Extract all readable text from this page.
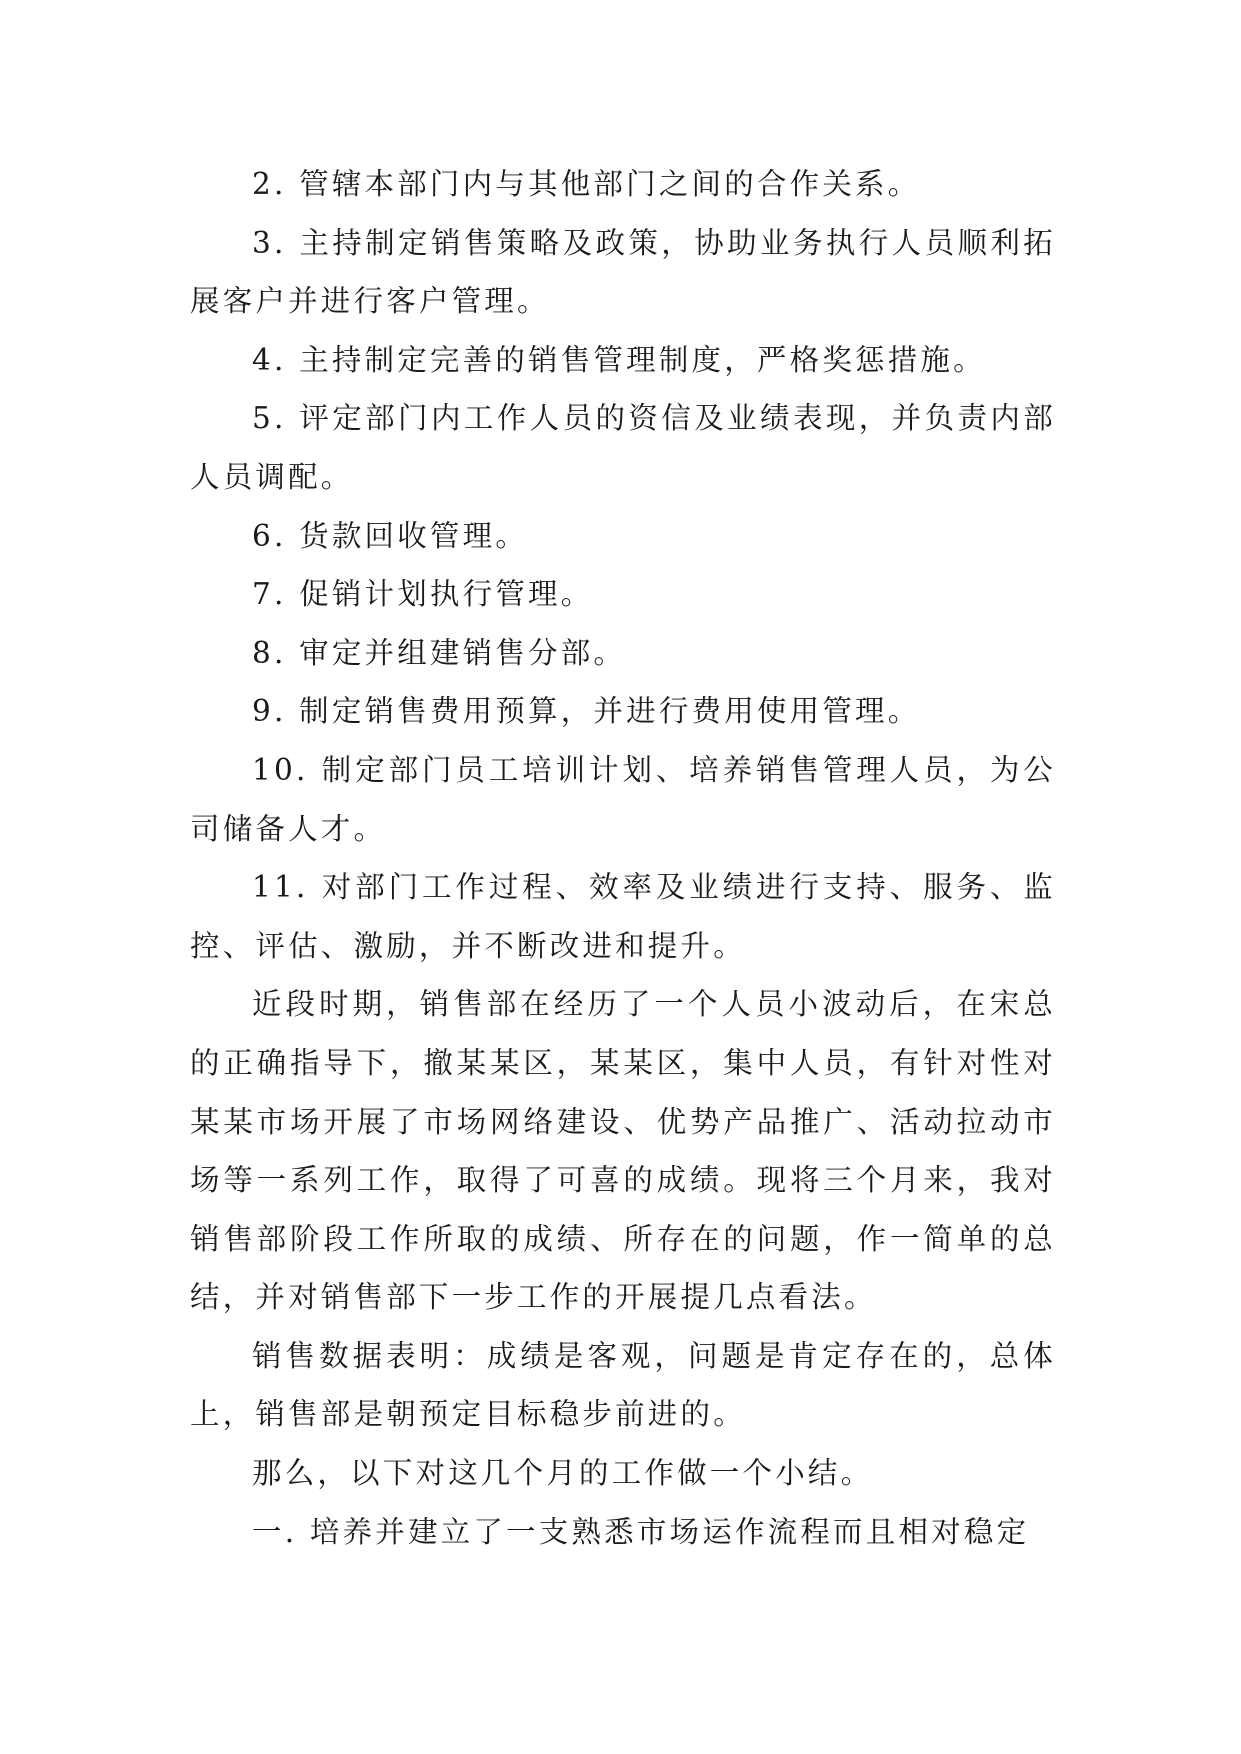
2. 管辖本部门内与其他部门之间的合作关系。

3. 主持制定销售策略及政策，协助业务执行人员顺利拓展客户并进行客户管理。

4. 主持制定完善的销售管理制度，严格奖惩措施。

5. 评定部门内工作人员的资信及业绩表现，并负责内部人员调配。

6. 货款回收管理。

7. 促销计划执行管理。

8. 审定并组建销售分部。

9. 制定销售费用预算，并进行费用使用管理。

10. 制定部门员工培训计划、培养销售管理人员，为公司储备人才。

11. 对部门工作过程、效率及业绩进行支持、服务、监控、评估、激励，并不断改进和提升。

近段时期，销售部在经历了一个人员小波动后，在宋总的正确指导下，撤某某区，某某区，集中人员，有针对性对某某市场开展了市场网络建设、优势产品推广、活动拉动市场等一系列工作，取得了可喜的成绩。现将三个月来，我对销售部阶段工作所取的成绩、所存在的问题，作一简单的总结，并对销售部下一步工作的开展提几点看法。

销售数据表明：成绩是客观，问题是肯定存在的，总体上，销售部是朝预定目标稳步前进的。

那么，以下对这几个月的工作做一个小结。

一. 培养并建立了一支熟悉市场运作流程而且相对稳定
